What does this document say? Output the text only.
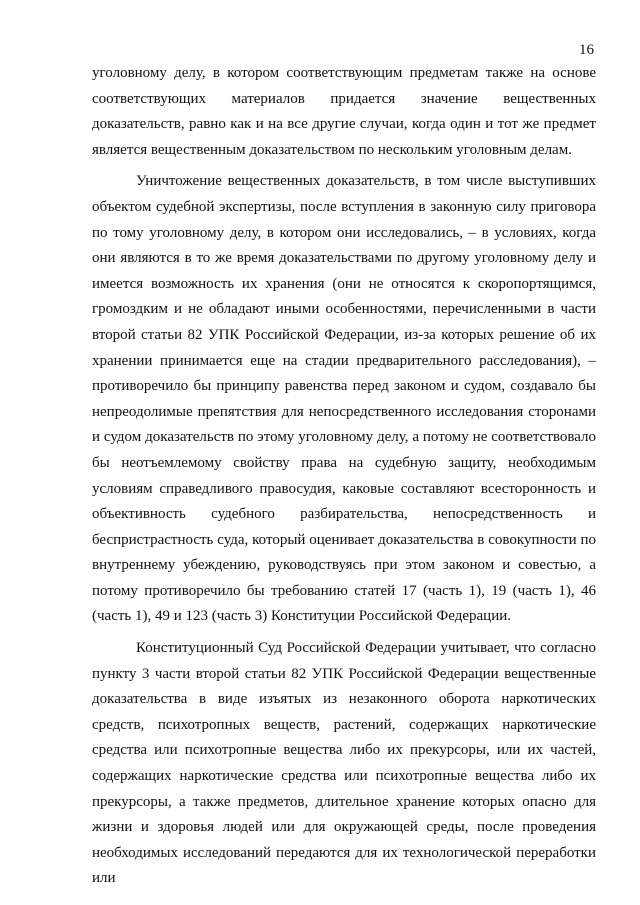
16

уголовному делу, в котором соответствующим предметам также на основе соответствующих материалов придается значение вещественных доказательств, равно как и на все другие случаи, когда один и тот же предмет является вещественным доказательством по нескольким уголовным делам.

Уничтожение вещественных доказательств, в том числе выступивших объектом судебной экспертизы, после вступления в законную силу приговора по тому уголовному делу, в котором они исследовались, – в условиях, когда они являются в то же время доказательствами по другому уголовному делу и имеется возможность их хранения (они не относятся к скоропортящимся, громоздким и не обладают иными особенностями, перечисленными в части второй статьи 82 УПК Российской Федерации, из-за которых решение об их хранении принимается еще на стадии предварительного расследования), – противоречило бы принципу равенства перед законом и судом, создавало бы непреодолимые препятствия для непосредственного исследования сторонами и судом доказательств по этому уголовному делу, а потому не соответствовало бы неотъемлемому свойству права на судебную защиту, необходимым условиям справедливого правосудия, каковые составляют всесторонность и объективность судебного разбирательства, непосредственность и беспристрастность суда, который оценивает доказательства в совокупности по внутреннему убеждению, руководствуясь при этом законом и совестью, а потому противоречило бы требованию статей 17 (часть 1), 19 (часть 1), 46 (часть 1), 49 и 123 (часть 3) Конституции Российской Федерации.

Конституционный Суд Российской Федерации учитывает, что согласно пункту 3 части второй статьи 82 УПК Российской Федерации вещественные доказательства в виде изъятых из незаконного оборота наркотических средств, психотропных веществ, растений, содержащих наркотические средства или психотропные вещества либо их прекурсоры, или их частей, содержащих наркотические средства или психотропные вещества либо их прекурсоры, а также предметов, длительное хранение которых опасно для жизни и здоровья людей или для окружающей среды, после проведения необходимых исследований передаются для их технологической переработки или
